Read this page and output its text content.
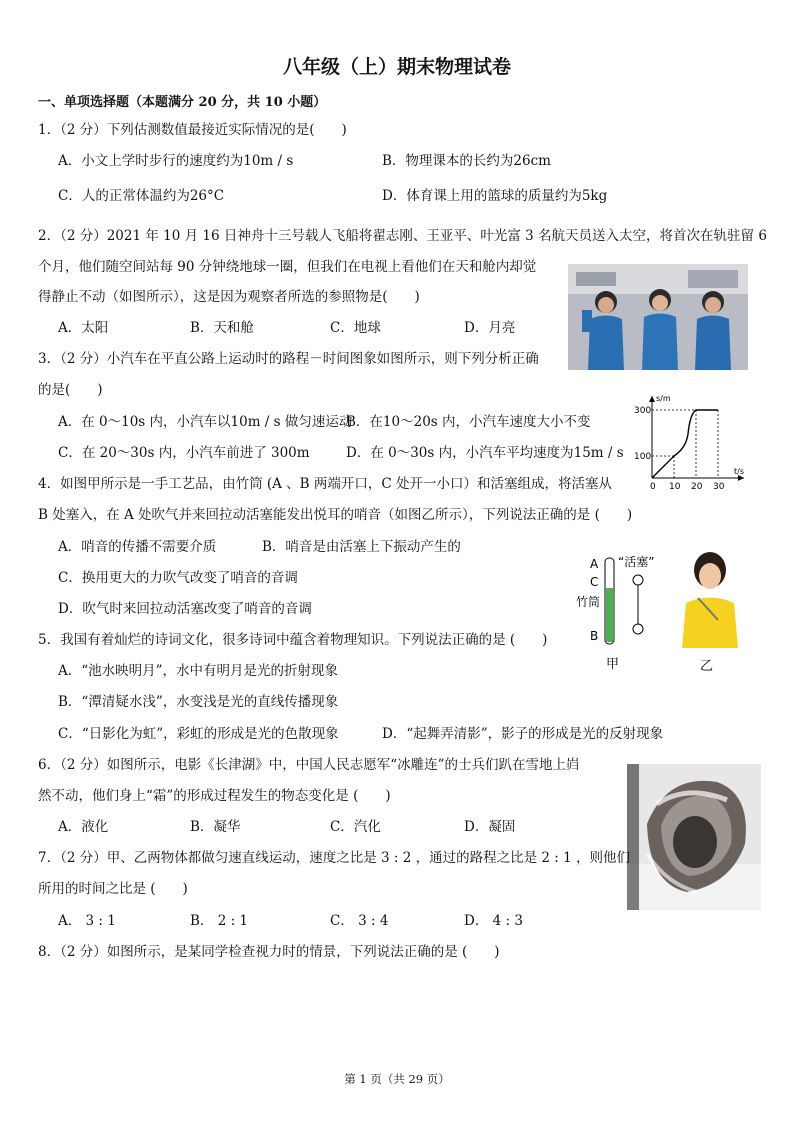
八年级（上）期末物理试卷
一、单项选择题（本题满分 20 分，共 10 小题）
1．（2 分）下列估测数值最接近实际情况的是(　　)
A．小文上学时步行的速度约为10m / s	B．物理课本的长约为26cm
C．人的正常体温约为26°C	D．体育课上用的篮球的质量约为5kg
2．（2 分）2021 年 10 月 16 日神舟十三号载人飞船将翟志刚、王亚平、叶光富 3 名航天员送入太空，将首次在轨驻留 6
个月，他们随空间站每 90 分钟绕地球一圈，但我们在电视上看他们在天和舱内却觉
得静止不动（如图所示），这是因为观察者所选的参照物是(　　)
A．太阳	B．天和舱	C．地球	D．月亮
3．（2 分）小汽车在平直公路上运动时的路程－时间图象如图所示，则下列分析正确
的是(　　)
A．在 0～10s 内，小汽车以10m / s 做匀速运动
B．在10～20s 内，小汽车速度大小不变
C．在 20～30s 内，小汽车前进了 300m	D．在 0～30s 内，小汽车平均速度为15m / s
s/m
t/s
300
100
0 10 20 30
4．如图甲所示是一手工艺品，由竹筒 (A 、B 两端开口，C 处开一小口）和活塞组成，将活塞从
B 处塞入，在 A 处吹气并来回拉动活塞能发出悦耳的哨音（如图乙所示），下列说法正确的是 (　　)
A．哨音的传播不需要介质	B．哨音是由活塞上下振动产生的
C．换用更大的力吹气改变了哨音的音调
D．吹气时来回拉动活塞改变了哨音的音调
A
C
竹筒
B
“活塞”
甲	乙
5．我国有着灿烂的诗词文化，很多诗词中蕴含着物理知识。下列说法正确的是 (　　)
A．“池水映明月”，水中有明月是光的折射现象
B．“潭清疑水浅”，水变浅是光的直线传播现象
C．“日影化为虹”，彩虹的形成是光的色散现象	D．“起舞弄清影”，影子的形成是光的反射现象
6．（2 分）如图所示，电影《长津湖》中，中国人民志愿军“冰雕连”的士兵们趴在雪地上岿
然不动，他们身上“霜”的形成过程发生的物态变化是 (　　)
A．液化	B．凝华	C．汽化	D．凝固
7．（2 分）甲、乙两物体都做匀速直线运动，速度之比是 3 : 2 ，通过的路程之比是 2 : 1 ，则他们
所用的时间之比是 (　　)
A． 3 : 1	B． 2 : 1	C． 3 : 4	D． 4 : 3
8．（2 分）如图所示，是某同学检查视力时的情景，下列说法正确的是 (　　)
第 1 页（共 29 页）
